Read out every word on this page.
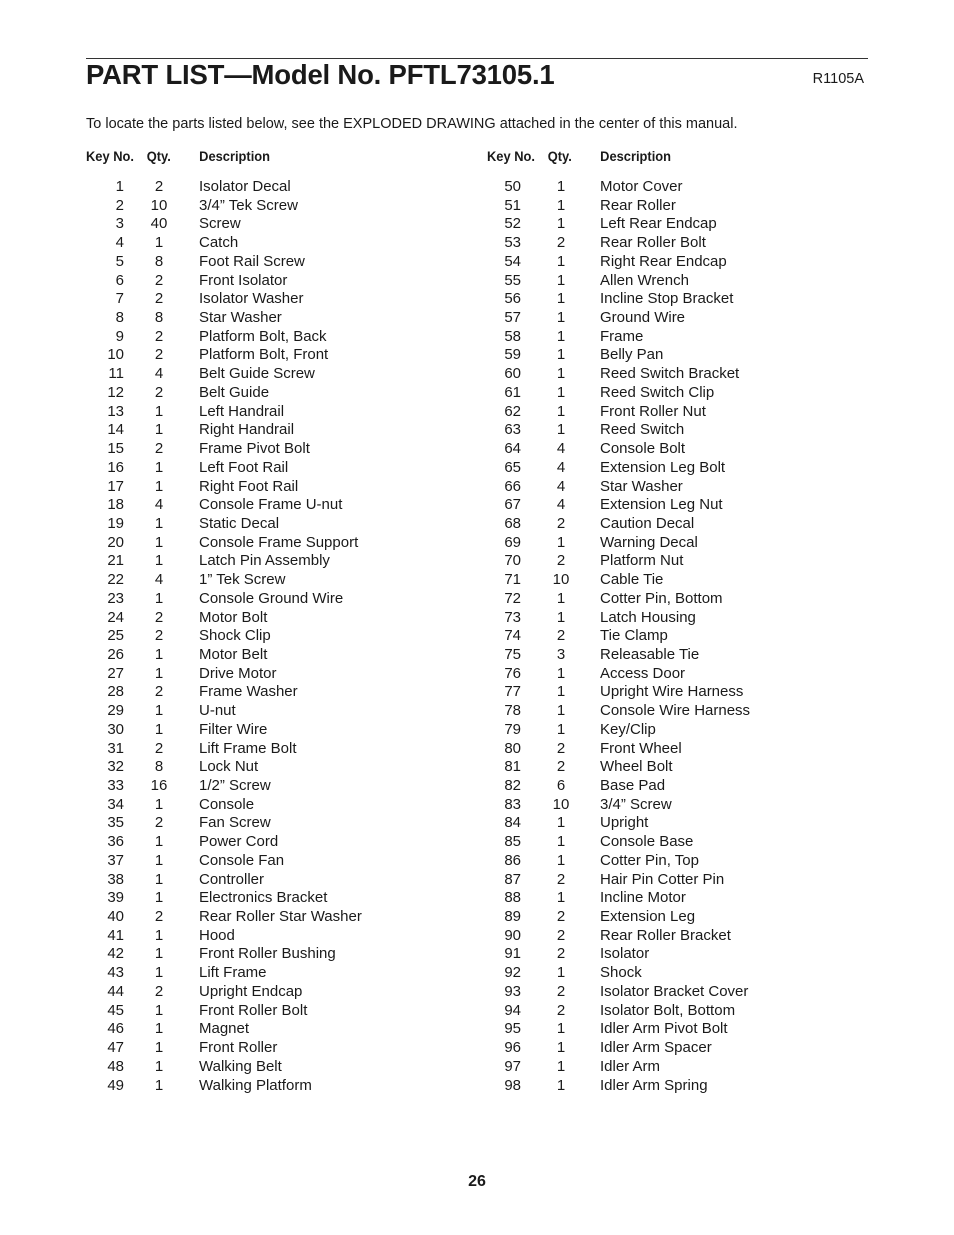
PART LIST—Model No. PFTL73105.1	R1105A
To locate the parts listed below, see the EXPLODED DRAWING attached in the center of this manual.
Key No. Qty. Description
1	2	Isolator Decal
2 10 3/4” Tek Screw
3 40 Screw
4	1	Catch
5	8	Foot Rail Screw
6	2	Front Isolator
7	2	Isolator Washer
8	8	Star Washer
9	2	Platform Bolt, Back
10	2	Platform Bolt, Front
11	4	Belt Guide Screw
12	2	Belt Guide
13	1	Left Handrail
14	1	Right Handrail
15	2	Frame Pivot Bolt
16	1	Left Foot Rail
17	1	Right Foot Rail
18	4	Console Frame U-nut
19	1	Static Decal
20	1	Console Frame Support
21	1	Latch Pin Assembly
22	4	1” Tek Screw
23	1	Console Ground Wire
24	2	Motor Bolt
25	2	Shock Clip
26	1	Motor Belt
27	1	Drive Motor
28	2	Frame Washer
29	1	U-nut
30	1	Filter Wire
31	2	Lift Frame Bolt
32	8	Lock Nut
33 16 1/2” Screw
34	1	Console
35	2	Fan Screw
36	1	Power Cord
37	1	Console Fan
38	1	Controller
39	1	Electronics Bracket
40	2	Rear Roller Star Washer
41	1	Hood
42	1	Front Roller Bushing
43	1	Lift Frame
44	2	Upright Endcap
45	1	Front Roller Bolt
46	1	Magnet
47	1	Front Roller
48	1	Walking Belt
49	1	Walking Platform
Key No. Qty. Description
50	1	Motor Cover
51	1	Rear Roller
52	1	Left Rear Endcap
53	2	Rear Roller Bolt
54	1	Right Rear Endcap
55	1	Allen Wrench
56	1	Incline Stop Bracket
57	1	Ground Wire
58	1	Frame
59	1	Belly Pan
60	1	Reed Switch Bracket
61	1	Reed Switch Clip
62	1	Front Roller Nut
63	1	Reed Switch
64	4	Console Bolt
65	4	Extension Leg Bolt
66	4	Star Washer
67	4	Extension Leg Nut
68	2	Caution Decal
69	1	Warning Decal
70	2	Platform Nut
71 10 Cable Tie
72	1	Cotter Pin, Bottom
73	1	Latch Housing
74	2	Tie Clamp
75	3	Releasable Tie
76	1	Access Door
77	1	Upright Wire Harness
78	1	Console Wire Harness
79	1	Key/Clip
80	2	Front Wheel
81	2	Wheel Bolt
82	6	Base Pad
83 10 3/4” Screw
84	1	Upright
85	1	Console Base
86	1	Cotter Pin, Top
87	2	Hair Pin Cotter Pin
88	1	Incline Motor
89	2	Extension Leg
90	2	Rear Roller Bracket
91	2	Isolator
92	1	Shock
93	2	Isolator Bracket Cover
94	2	Isolator Bolt, Bottom
95	1	Idler Arm Pivot Bolt
96	1	Idler Arm Spacer
97	1	Idler Arm
98	1	Idler Arm Spring
26
